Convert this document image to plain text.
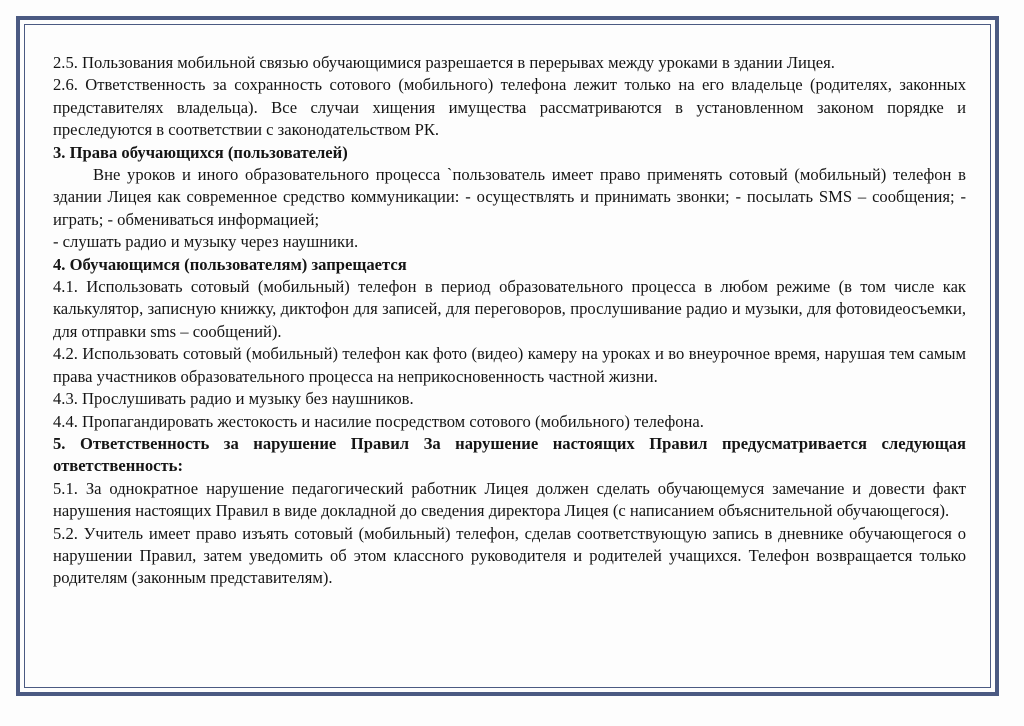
2.5. Пользования мобильной связью обучающимися разрешается в перерывах между уроками в здании Лицея.

2.6. Ответственность за сохранность сотового (мобильного) телефона лежит только на его владельце (родителях, законных представителях владельца). Все случаи хищения имущества рассматриваются в установленном законом порядке и преследуются в соответствии с законодательством РК.

3. Права обучающихся (пользователей)

Вне уроков и иного образовательного процесса `пользователь имеет право применять сотовый (мобильный) телефон в здании Лицея как современное средство коммуникации: - осуществлять и принимать звонки; - посылать SMS – сообщения; - играть; - обмениваться информацией;

- слушать радио и музыку через наушники.

4. Обучающимся (пользователям) запрещается

4.1. Использовать сотовый (мобильный) телефон в период образовательного процесса в любом режиме (в том числе как калькулятор, записную книжку, диктофон для записей, для переговоров, прослушивание радио и музыки, для фотовидеосъемки, для отправки sms – сообщений).

4.2. Использовать сотовый (мобильный) телефон как фото (видео) камеру на уроках и во внеурочное время, нарушая тем самым права участников образовательного процесса на неприкосновенность частной жизни.

4.3. Прослушивать радио и музыку без наушников.

4.4. Пропагандировать жестокость и насилие посредством сотового (мобильного) телефона.

5. Ответственность за нарушение Правил За нарушение настоящих Правил предусматривается следующая ответственность:

5.1. За однократное нарушение педагогический работник Лицея должен сделать обучающемуся замечание и довести факт нарушения настоящих Правил в виде докладной до сведения директора Лицея (с написанием объяснительной обучающегося).

5.2. Учитель имеет право изъять сотовый (мобильный) телефон, сделав соответствующую запись в дневнике обучающегося о нарушении Правил, затем уведомить об этом классного руководителя и родителей учащихся. Телефон возвращается только родителям (законным представителям).
